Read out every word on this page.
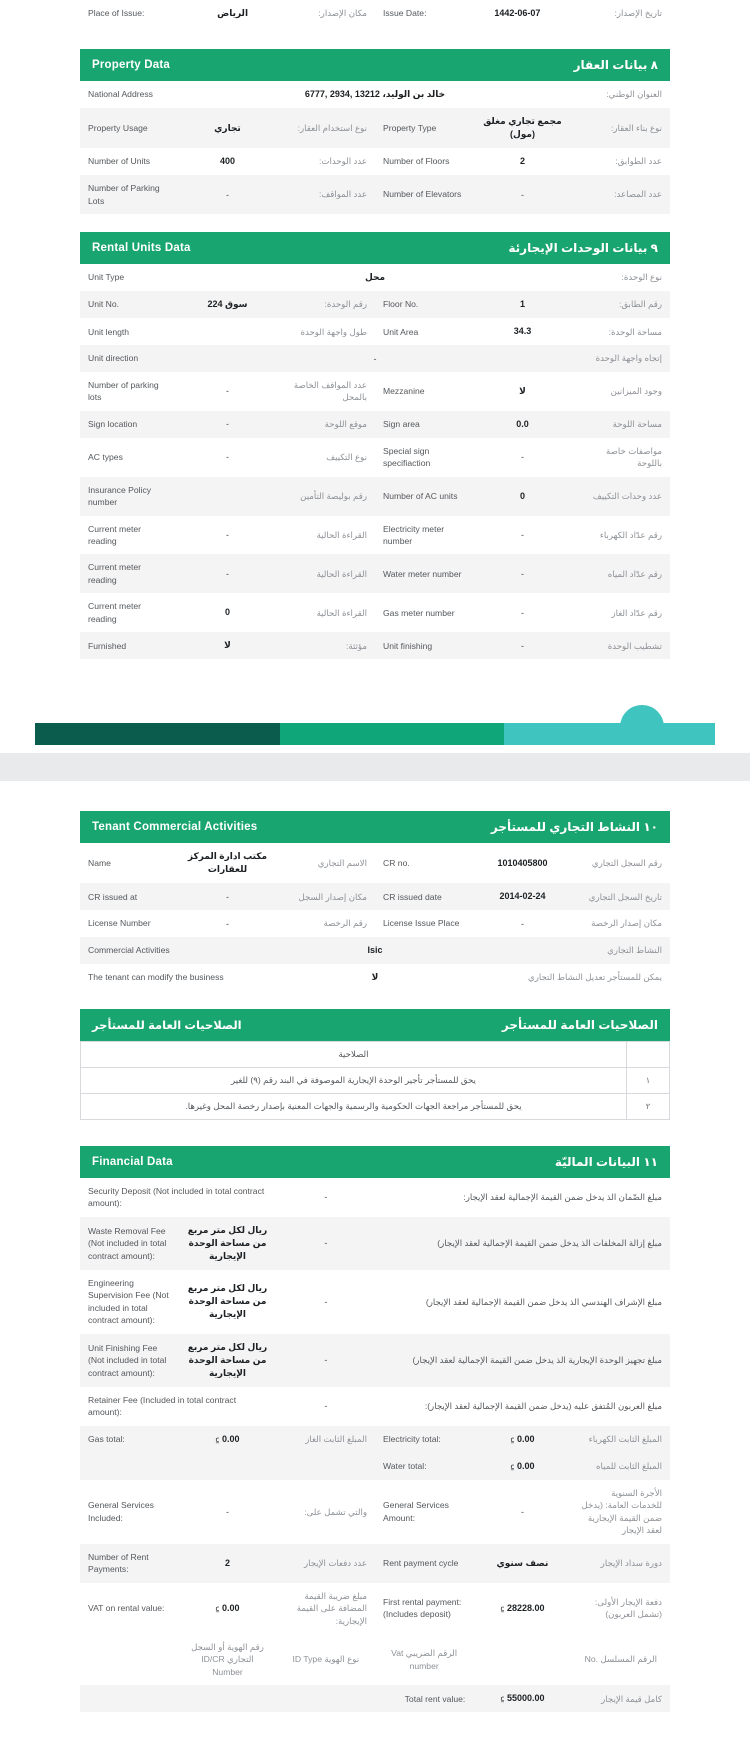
Place of Issue:	الرياض	مكان الإصدار:	Issue Date:	1442-06-07	تاريخ الإصدار:
Property Data			٨ بيانات العقار		
National Address	خالد بن الوليد، 13212 ,2934 ,6777				العنوان الوطني:
Property Usage	تجاري	نوع استخدام العقار:	Property Type	مجمع تجاري مغلق (مول)	نوع بناء العقار:
Number of Units	400	عدد الوحدات:	Number of Floors	2	عدد الطوابق:
Number of Parking Lots	-	عدد المواقف:	Number of Elevators	-	عدد المصاعد:
Rental Units Data			٩ بيانات الوحدات الإيجارئة		
Unit Type	محل				نوع الوحدة:
Unit No.	سوق 224	رقم الوحدة:	Floor No.	1	رقم الطابق:
Unit length		طول واجهة الوحدة	Unit Area	34.3	مساحة الوحدة:
Unit direction	-				إتجاه واجهة الوحدة
Number of parking lots	-	عدد المواقف الخاصة بالمحل	Mezzanine	لا	وجود الميزانين
Sign location	-	موقع اللوحة	Sign area	0.0	مساحة اللوحة
AC types	-	نوع التكييف	Special sign specifiaction	-	مواصفات خاصة باللوحة
Insurance Policy number		رقم بوليصة التأمين	Number of AC units	0	عدد وحدات التكييف
Current meter reading	-	القراءة الحالية	Electricity meter number	-	رقم عدّاد الكهرباء
Current meter reading	-	القراءة الحالية	Water meter number	-	رقم عدّاد المياه
Current meter reading	0	القراءة الحالية	Gas meter number	-	رقم عدّاد الغاز
Furnished	لا	مؤثثة:	Unit finishing	-	تشطيب الوحدة
Tenant Commercial Activities			١٠ النشاط التجاري للمستأجر		
Name	مكتب ادارة المركز للعقارات	الاسم التجاري	CR no.	1010405800	رقم السجل التجاري
CR issued at	-	مكان إصدار السجل	CR issued date	2014-02-24	تاريخ السجل التجاري
License Number	-	رقم الرخصة	License Issue Place	-	مكان إصدار الرخصة
Commercial Activities	Isic				النشاط التجاري
The tenant can modify the business		لا		يمكن للمستأجر تعديل النشاط التجاري	
الصلاحيات العامة للمستأجر	الصلاحيات العامة للمستأجر
الصلاحية	
يحق للمستأجر تأجير الوحدة الإيجارية الموصوفة في البند رقم (٩) للغير	١
يحق للمستأجر مراجعة الجهات الحكومية والرسمية والجهات المعنية بإصدار رخصة المحل وغيرها.	٢
Financial Data			١١ البيانات الماليّة		
Security Deposit (Not included in total contract amount):		-	مبلغ الضّمان الذ يدخل ضمن القيمة الإجمالية لعقد الإيجار:		
Waste Removal Fee (Not included in total contract amount):	ريال لكل متر مربع من مساحة الوحدة الإيجارية	-	مبلغ إزالة المخلفات الذ يدخل ضمن القيمة الإجمالية لعقد الإيجار)		
Engineering Supervision Fee (Not included in total contract amount):	ريال لكل متر مربع من مساحة الوحدة الإيجارية	-	مبلغ الإشراف الهندسي الذ يدخل ضمن القيمة الإجمالية لعقد الإيجار)		
Unit Finishing Fee (Not included in total contract amount):	ريال لكل متر مربع من مساحة الوحدة الإيجارية	-	مبلغ تجهيز الوحدة الإيجارية الذ يدخل ضمن القيمة الإجمالية لعقد الإيجار)		
Retainer Fee (Included in total contract amount):		-	مبلغ العربون المُتفق عليه (يدخل ضمن القيمة الإجمالية لعقد الإيجار):		
Gas total:	⃀ 0.00	المبلغ الثابت الغاز	Electricity total:	⃀ 0.00	المبلغ الثابت الكهرباء
			Water total:	⃀ 0.00	المبلغ الثابت للمياه
General Services Included:	-	والتي تشمل على:	General Services Amount:	-	الأجرة السنوية للخدمات العامة: (يدخل ضمن القيمة الإيجارية لعقد الإيجار
Number of Rent Payments:	2	عدد دفعات الإيجار	Rent payment cycle	نصف سنوي	دورة سداد الإيجار
VAT on rental value:	⃀ 0.00	مبلغ ضريبة القيمة المضافة على القيمة الإيجارية:	First rental payment: (Includes deposit)	⃀ 28228.00	دفعة الإيجار الأولى: (تشمل العربون)
	رقم الهوية أو السجل التجاري ID/CR Number	نوع الهوية ID Type	الرقم الضريبي Vat number		الرقم المسلسل .No
			Total rent value:	⃀ 55000.00	كامل قيمة الإيجار
